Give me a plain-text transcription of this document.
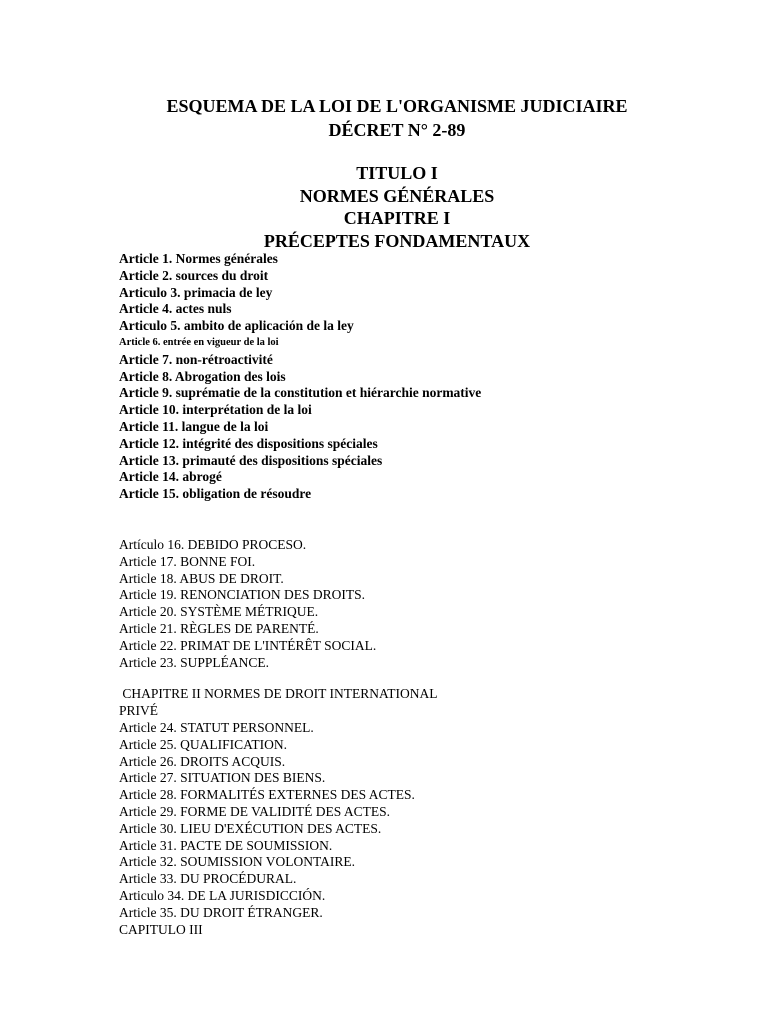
ESQUEMA DE LA LOI DE L'ORGANISME JUDICIAIRE

DÉCRET N° 2-89

TITULO I

NORMES GÉNÉRALES

CHAPITRE I

PRÉCEPTES FONDAMENTAUX

Article 1. Normes générales
Article 2. sources du droit
Articulo 3. primacia de ley
Article 4. actes nuls
Articulo 5. ambito de aplicación de la ley
Article 6. entrée en vigueur de la loi
Article 7. non-rétroactivité
Article 8. Abrogation des lois
Article 9. suprématie de la constitution et hiérarchie normative
Article 10. interprétation de la loi
Article 11. langue de la loi
Article 12. intégrité des dispositions spéciales
Article 13. primauté des dispositions spéciales
Article 14. abrogé
Article 15. obligation de résoudre
Artículo 16. DEBIDO PROCESO.
Article 17. BONNE FOI.
Article 18. ABUS DE DROIT.
Article 19. RENONCIATION DES DROITS.
Article 20. SYSTÈME MÉTRIQUE.
Article 21. RÈGLES DE PARENTÉ.
Article 22. PRIMAT DE L'INTÉRÊT SOCIAL.
Article 23. SUPPLÉANCE.
CHAPITRE II NORMES DE DROIT INTERNATIONAL
PRIVÉ
Article 24. STATUT PERSONNEL.
Article 25. QUALIFICATION.
Article 26. DROITS ACQUIS.
Article 27. SITUATION DES BIENS.
Article 28. FORMALITÉS EXTERNES DES ACTES.
Article 29. FORME DE VALIDITÉ DES ACTES.
Article 30. LIEU D'EXÉCUTION DES ACTES.
Article 31. PACTE DE SOUMISSION.
Article 32. SOUMISSION VOLONTAIRE.
Article 33. DU PROCÉDURAL.
Articulo 34. DE LA JURISDICCIÓN.
Article 35. DU DROIT ÉTRANGER.
CAPITULO III
